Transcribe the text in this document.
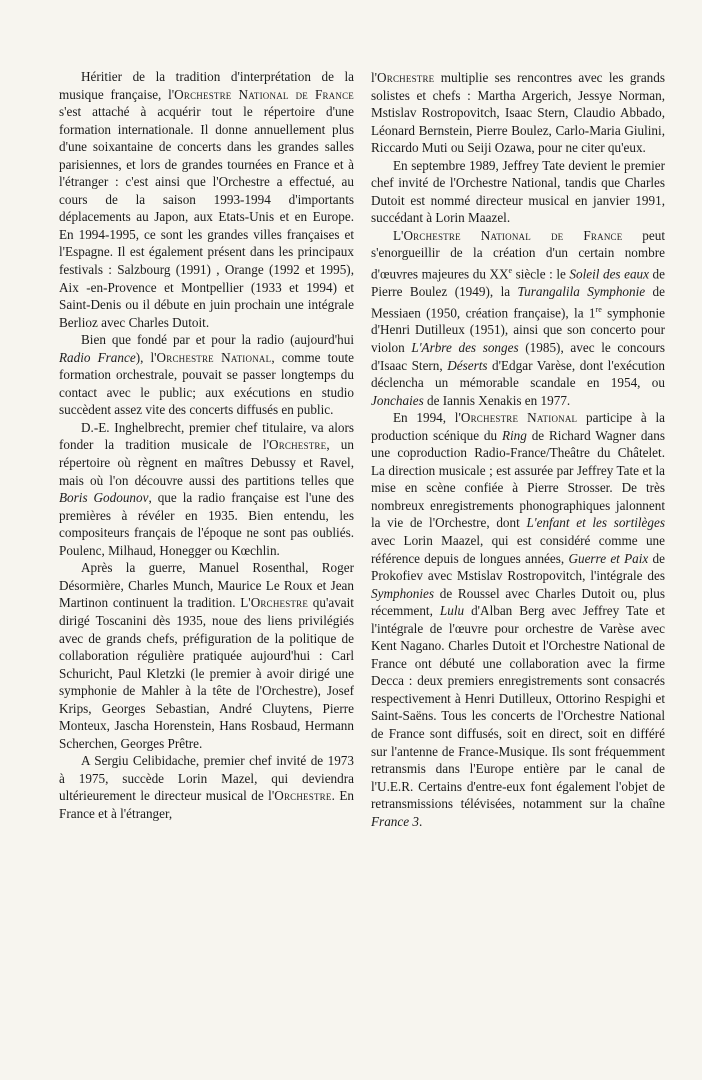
Héritier de la tradition d'interprétation de la musique française, l'Orchestre National de France s'est attaché à acquérir tout le répertoire d'une formation internationale. Il donne annuellement plus d'une soixantaine de concerts dans les grandes salles parisiennes, et lors de grandes tournées en France et à l'étranger : c'est ainsi que l'Orchestre a effectué, au cours de la saison 1993-1994 d'importants déplacements au Japon, aux Etats-Unis et en Europe. En 1994-1995, ce sont les grandes villes françaises et l'Espagne. Il est également présent dans les principaux festivals : Salzbourg (1991) , Orange (1992 et 1995), Aix -en-Provence et Montpellier (1933 et 1994) et Saint-Denis ou il débute en juin prochain une intégrale Berlioz avec Charles Dutoit.

Bien que fondé par et pour la radio (aujourd'hui Radio France), l'Orchestre National, comme toute formation orchestrale, pouvait se passer longtemps du contact avec le public; aux exécutions en studio succèdent assez vite des concerts diffusés en public.

D.-E. Inghelbrecht, premier chef titulaire, va alors fonder la tradition musicale de l'Orchestre, un répertoire où règnent en maîtres Debussy et Ravel, mais où l'on découvre aussi des partitions telles que Boris Godounov, que la radio française est l'une des premières à révéler en 1935. Bien entendu, les compositeurs français de l'époque ne sont pas oubliés. Poulenc, Milhaud, Honegger ou Kœchlin.

Après la guerre, Manuel Rosenthal, Roger Désormière, Charles Munch, Maurice Le Roux et Jean Martinon continuent la tradition. L'Orchestre qu'avait dirigé Toscanini dès 1935, noue des liens privilégiés avec de grands chefs, préfiguration de la politique de collaboration régulière pratiquée aujourd'hui : Carl Schuricht, Paul Kletzki (le premier à avoir dirigé une symphonie de Mahler à la tête de l'Orchestre), Josef Krips, Georges Sebastian, André Cluytens, Pierre Monteux, Jascha Horenstein, Hans Rosbaud, Hermann Scherchen, Georges Prêtre.

A Sergiu Celibidache, premier chef invité de 1973 à 1975, succède Lorin Mazel, qui deviendra ultérieurement le directeur musical de l'Orchestre. En France et à l'étranger,

l'Orchestre multiplie ses rencontres avec les grands solistes et chefs : Martha Argerich, Jessye Norman, Mstislav Rostropovitch, Isaac Stern, Claudio Abbado, Léonard Bernstein, Pierre Boulez, Carlo-Maria Giulini, Riccardo Muti ou Seiji Ozawa, pour ne citer qu'eux.

En septembre 1989, Jeffrey Tate devient le premier chef invité de l'Orchestre National, tandis que Charles Dutoit est nommé directeur musical en janvier 1991, succédant à Lorin Maazel.

L'Orchestre National de France peut s'enorgueillir de la création d'un certain nombre d'œuvres majeures du XXe siècle : le Soleil des eaux de Pierre Boulez (1949), la Turangalila Symphonie de Messiaen (1950, création française), la 1re symphonie d'Henri Dutilleux (1951), ainsi que son concerto pour violon L'Arbre des songes (1985), avec le concours d'Isaac Stern, Déserts d'Edgar Varèse, dont l'exécution déclencha un mémorable scandale en 1954, ou Jonchaies de Iannis Xenakis en 1977.

En 1994, l'Orchestre National participe à la production scénique du Ring de Richard Wagner dans une coproduction Radio-France/Theâtre du Châtelet. La direction musicale ; est assurée par Jeffrey Tate et la mise en scène confiée à Pierre Strosser. De très nombreux enregistrements phonographiques jalonnent la vie de l'Orchestre, dont L'enfant et les sortilèges avec Lorin Maazel, qui est considéré comme une référence depuis de longues années, Guerre et Paix de Prokofiev avec Mstislav Rostropovitch, l'intégrale des Symphonies de Roussel avec Charles Dutoit ou, plus récemment, Lulu d'Alban Berg avec Jeffrey Tate et l'intégrale de l'œuvre pour orchestre de Varèse avec Kent Nagano. Charles Dutoit et l'Orchestre National de France ont débuté une collaboration avec la firme Decca : deux premiers enregistrements sont consacrés respectivement à Henri Dutilleux, Ottorino Respighi et Saint-Saëns. Tous les concerts de l'Orchestre National de France sont diffusés, soit en direct, soit en différé sur l'antenne de France-Musique. Ils sont fréquemment retransmis dans l'Europe entière par le canal de l'U.E.R. Certains d'entre-eux font également l'objet de retransmissions télévisées, notamment sur la chaîne France 3.
